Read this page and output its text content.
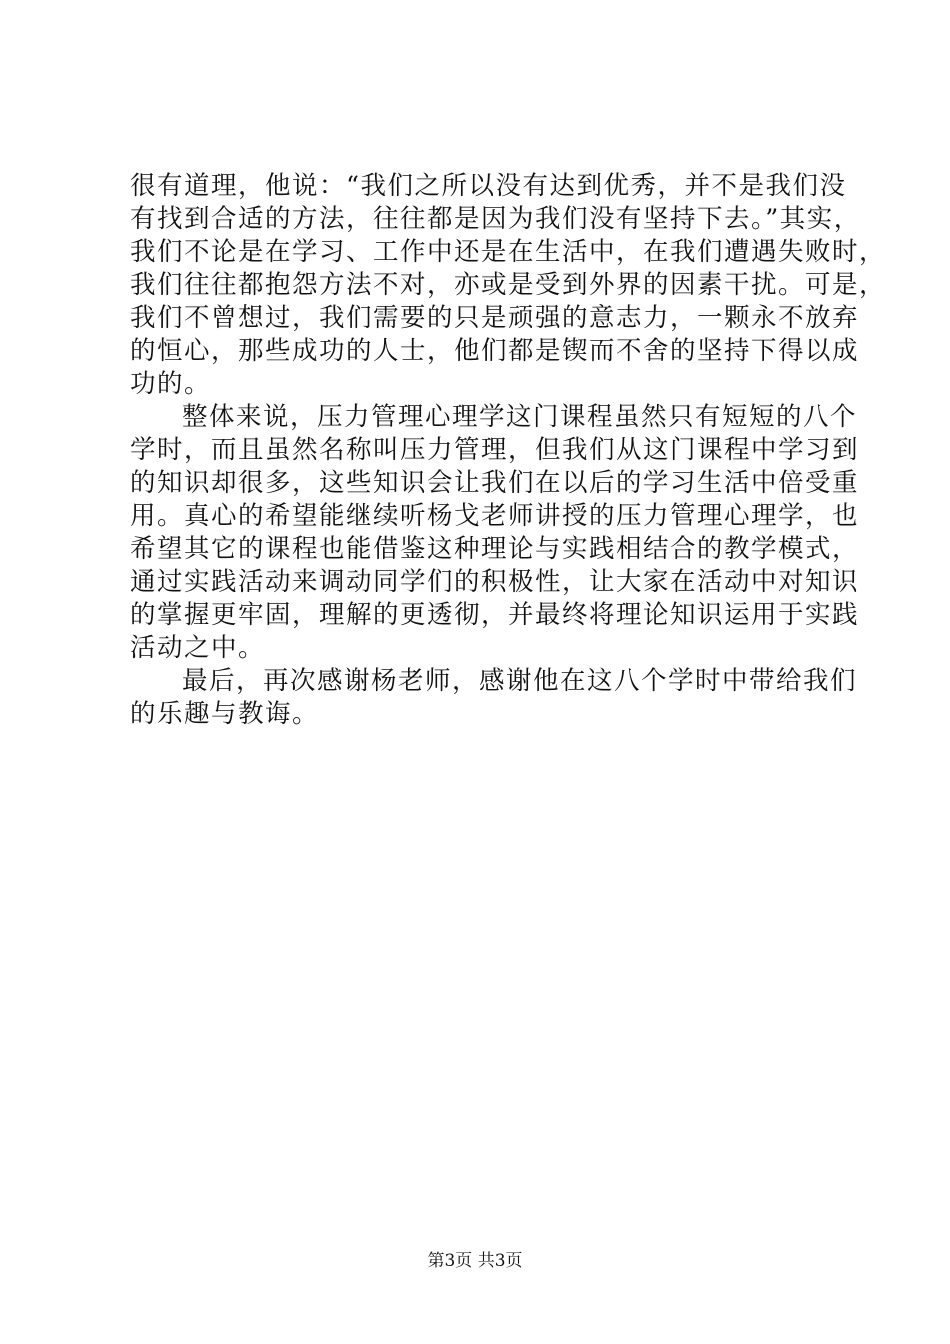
很有道理，他说：“我们之所以没有达到优秀，并不是我们没
有找到合适的方法，往往都是因为我们没有坚持下去。”其实，
我们不论是在学习、工作中还是在生活中，在我们遭遇失败时，
我们往往都抱怨方法不对，亦或是受到外界的因素干扰。可是，
我们不曾想过，我们需要的只是顽强的意志力，一颗永不放弃
的恒心，那些成功的人士，他们都是锲而不舍的坚持下得以成
功的。
整体来说，压力管理心理学这门课程虽然只有短短的八个
学时，而且虽然名称叫压力管理，但我们从这门课程中学习到
的知识却很多，这些知识会让我们在以后的学习生活中倍受重
用。真心的希望能继续听杨戈老师讲授的压力管理心理学，也
希望其它的课程也能借鉴这种理论与实践相结合的教学模式，
通过实践活动来调动同学们的积极性，让大家在活动中对知识
的掌握更牢固，理解的更透彻，并最终将理论知识运用于实践
活动之中。
最后，再次感谢杨老师，感谢他在这八个学时中带给我们
的乐趣与教诲。
第3页 共3页
